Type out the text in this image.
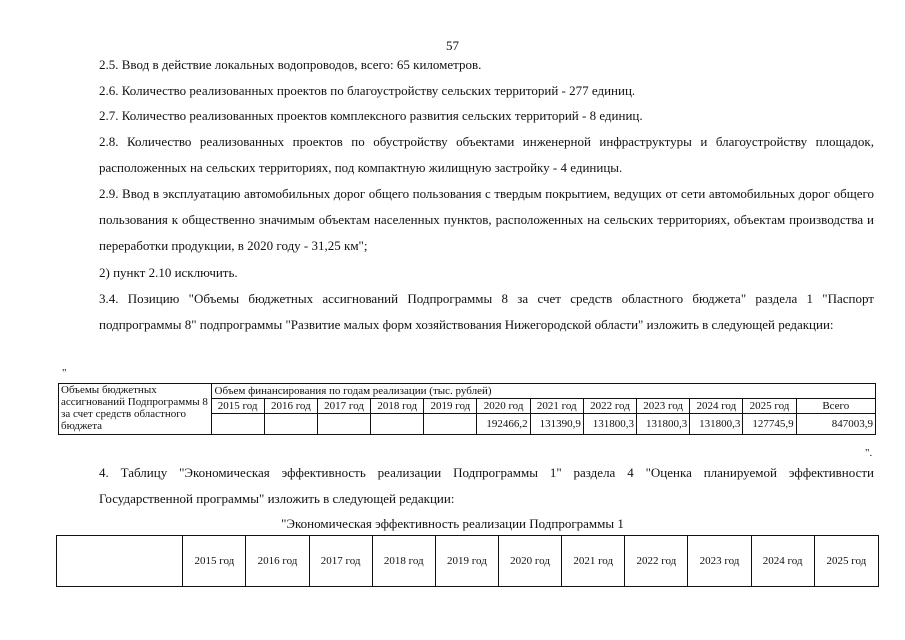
57
2.5. Ввод в действие локальных водопроводов, всего: 65 километров.
2.6. Количество реализованных проектов по благоустройству сельских территорий - 277 единиц.
2.7. Количество реализованных проектов комплексного развития сельских территорий - 8 единиц.
2.8. Количество реализованных проектов по обустройству объектами инженерной инфраструктуры и благоустройству площадок, расположенных на сельских территориях, под компактную жилищную застройку - 4 единицы.
2.9. Ввод в эксплуатацию автомобильных дорог общего пользования с твердым покрытием, ведущих от сети автомобильных дорог общего пользования к общественно значимым объектам населенных пунктов, расположенных на сельских территориях, объектам производства и переработки продукции, в 2020 году - 31,25 км";
2) пункт 2.10 исключить.
3.4. Позицию "Объемы бюджетных ассигнований Подпрограммы 8 за счет средств областного бюджета" раздела 1 "Паспорт подпрограммы 8" подпрограммы "Развитие малых форм хозяйствования Нижегородской области" изложить в следующей редакции:
"
Объемы бюджетных ассигнований Подпрограммы 8 за счет средств областного бюджета	Объем финансирования по годам реализации (тыс. рублей)											
	2015 год	2016 год	2017 год	2018 год	2019 год	2020 год	2021 год	2022 год	2023 год	2024 год	2025 год	Всего
						192466,2	131390,9	131800,3	131800,3	131800,3	127745,9	847003,9
".
4. Таблицу "Экономическая эффективность реализации Подпрограммы 1" раздела 4 "Оценка планируемой эффективности Государственной программы" изложить в следующей редакции:
"Экономическая эффективность реализации Подпрограммы 1
	2015 год	2016 год	2017 год	2018 год	2019 год	2020 год	2021 год	2022 год	2023 год	2024 год	2025 год
